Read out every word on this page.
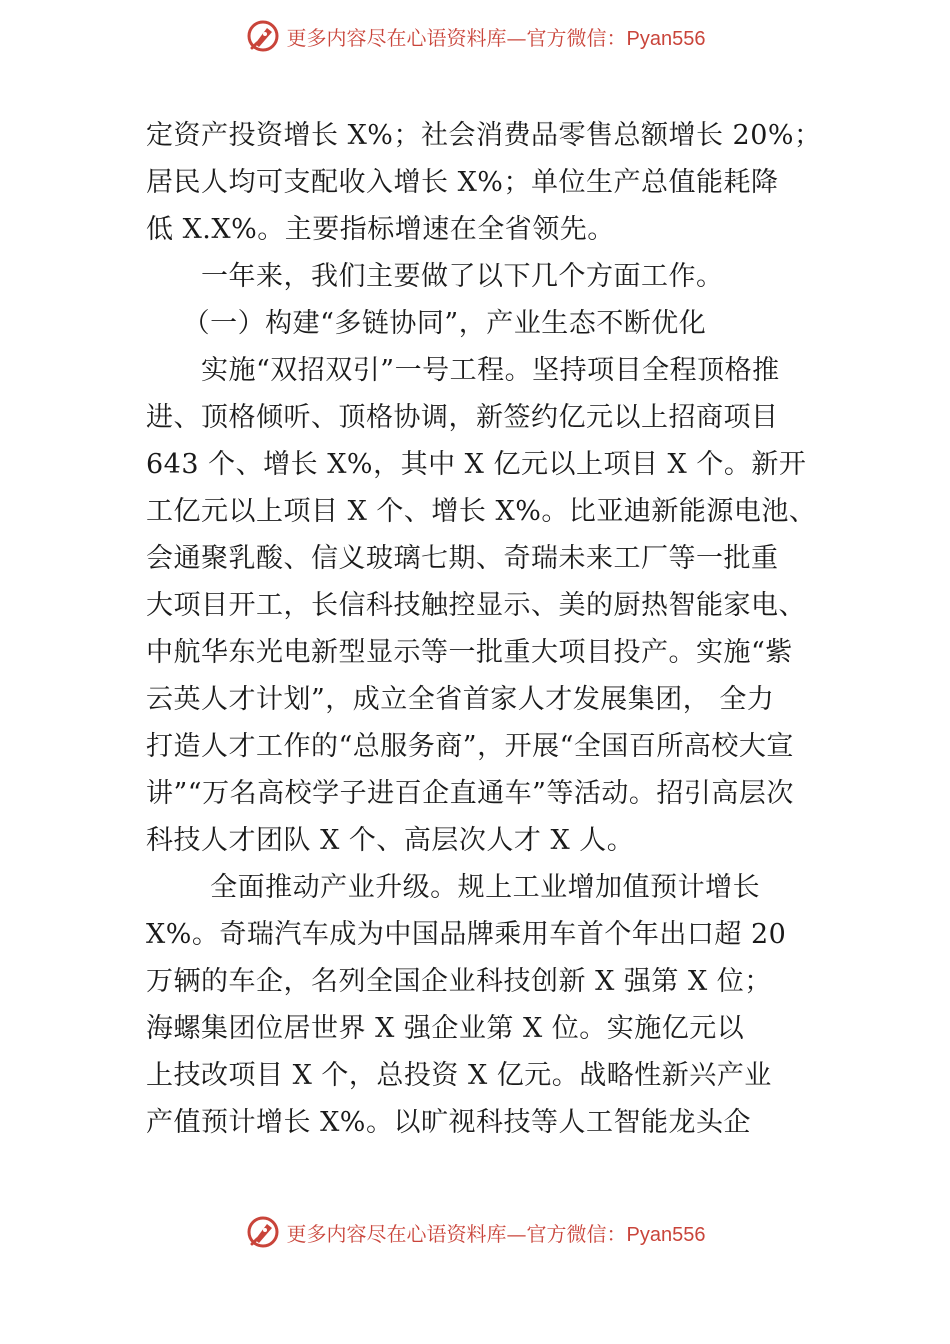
更多内容尽在心语资料库—官方微信：Pyan556
定资产投资增长 X%；社会消费品零售总额增长 20%；
居民人均可支配收入增长 X%；单位生产总值能耗降
低 X.X%。主要指标增速在全省领先。
　　一年来，我们主要做了以下几个方面工作。
　 （一）构建“多链协同”，产业生态不断优化
　　实施“双招双引”一号工程。坚持项目全程顶格推
进、顶格倾听、顶格协调，新签约亿元以上招商项目
643 个、增长 X%，其中 X 亿元以上项目 X 个。新开
工亿元以上项目 X 个、增长 X%。比亚迪新能源电池、
会通聚乳酸、信义玻璃七期、奇瑞未来工厂等一批重
大项目开工，长信科技触控显示、美的厨热智能家电、
中航华东光电新型显示等一批重大项目投产。实施“紫
云英人才计划”，成立全省首家人才发展集团， 全力
打造人才工作的“总服务商”，开展“全国百所高校大宣
讲”“万名高校学子进百企直通车”等活动。招引高层次
科技人才团队 X 个、高层次人才 X 人。
　　 全面推动产业升级。规上工业增加值预计增长
X%。奇瑞汽车成为中国品牌乘用车首个年出口超 20
万辆的车企，名列全国企业科技创新 X 强第 X 位；
海螺集团位居世界 X 强企业第 X 位。实施亿元以
上技改项目 X 个，总投资 X 亿元。战略性新兴产业
产值预计增长 X%。以旷视科技等人工智能龙头企
更多内容尽在心语资料库—官方微信：Pyan556
